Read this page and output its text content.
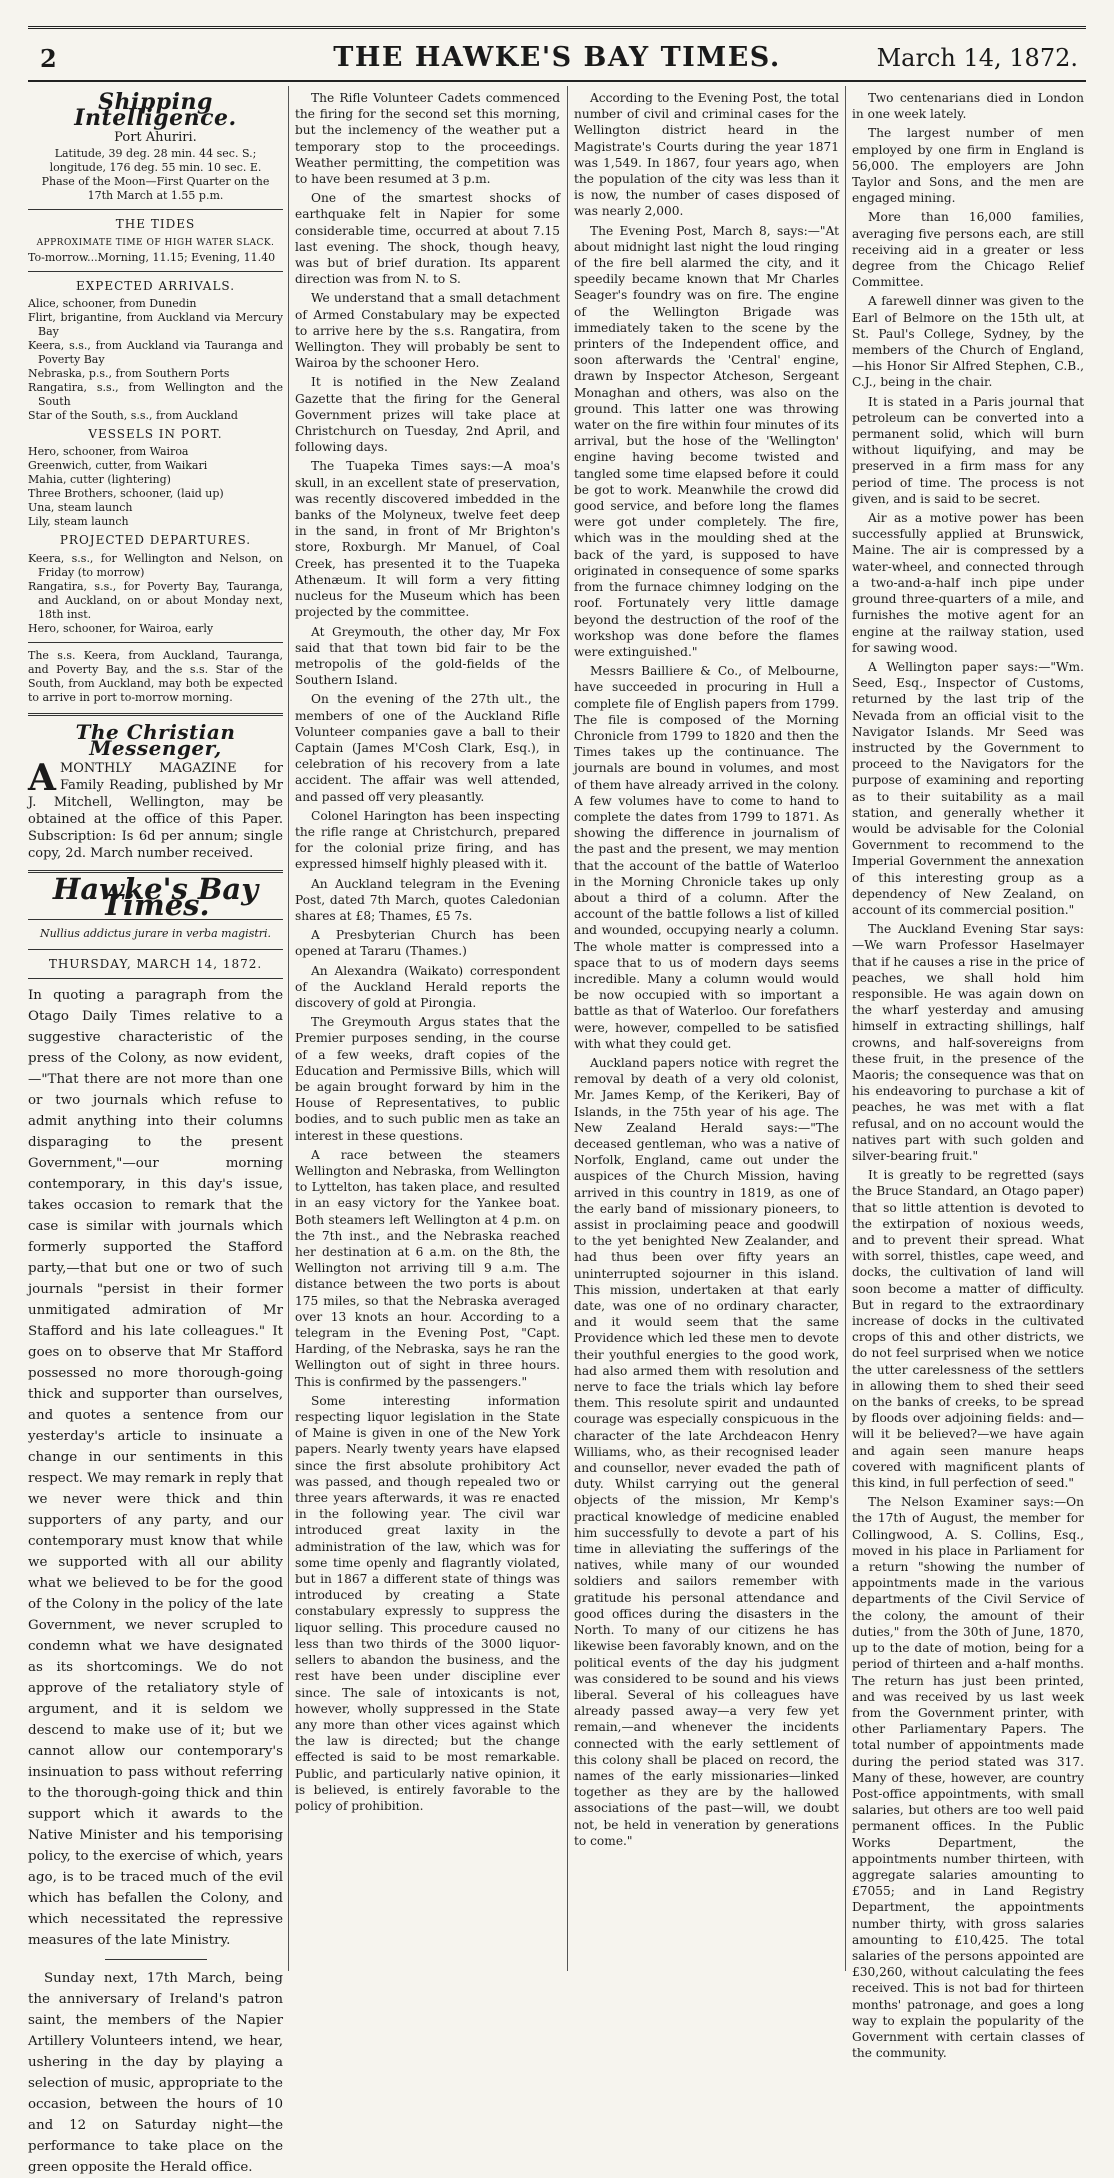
2	THE HAWKE'S BAY TIMES.	March 14, 1872.
Shipping Intelligence.
Port Ahuriri.
Latitude, 39 deg. 28 min. 44 sec. S.; longitude, 176 deg. 55 min. 10 sec. E.
Phase of the Moon—First Quarter on the 17th March at 1.55 p.m.
THE TIDES
APPROXIMATE TIME OF HIGH WATER SLACK.
To-morrow...Morning, 11.15; Evening, 11.40
EXPECTED ARRIVALS.
Alice, schooner, from Dunedin
Flirt, brigantine, from Auckland via Mercury Bay
Keera, s.s., from Auckland via Tauranga and Poverty Bay
Nebraska, p.s., from Southern Ports
Rangatira, s.s., from Wellington and the South
Star of the South, s.s., from Auckland
VESSELS IN PORT.
Hero, schooner, from Wairoa
Greenwich, cutter, from Waikari
Mahia, cutter (lightering)
Three Brothers, schooner, (laid up)
Una, steam launch
Lily, steam launch
PROJECTED DEPARTURES.
Keera, s.s., for Wellington and Nelson, on Friday (to morrow)
Rangatira, s.s., for Poverty Bay, Tauranga, and Auckland, on or about Monday next, 18th inst.
Hero, schooner, for Wairoa, early
The s.s. Keera, from Auckland, Tauranga, and Poverty Bay, and the s.s. Star of the South, from Auckland, may both be expected to arrive in port to-morrow morning.
The Christian Messenger,
A MONTHLY MAGAZINE for Family Reading, published by Mr J. Mitchell, Wellington, may be obtained at the office of this Paper. Subscription: Is 6d per annum; single copy, 2d. March number received.
Hawke's Bay Times.
Nullius addictus jurare in verba magistri.
THURSDAY, MARCH 14, 1872.

In quoting a paragraph from the Otago Daily Times relative to a suggestive characteristic of the press of the Colony, as now evident,—"That there are not more than one or two journals which refuse to admit anything into their columns disparaging to the present Government,"—our morning contemporary, in this day's issue, takes occasion to remark that the case is similar with journals which formerly supported the Stafford party,—that but one or two of such journals "persist in their former unmitigated admiration of Mr Stafford and his late colleagues." It goes on to observe that Mr Stafford possessed no more thorough-going thick and supporter than ourselves, and quotes a sentence from our yesterday's article to insinuate a change in our sentiments in this respect. We may remark in reply that we never were thick and thin supporters of any party, and our contemporary must know that while we supported with all our ability what we believed to be for the good of the Colony in the policy of the late Government, we never scrupled to condemn what we have designated as its shortcomings. We do not approve of the retaliatory style of argument, and it is seldom we descend to make use of it; but we cannot allow our contemporary's insinuation to pass without referring to the thorough-going thick and thin support which it awards to the Native Minister and his temporising policy, to the exercise of which, years ago, is to be traced much of the evil which has befallen the Colony, and which necessitated the repressive measures of the late Ministry.

Sunday next, 17th March, being the anniversary of Ireland's patron saint, the members of the Napier Artillery Volunteers intend, we hear, ushering in the day by playing a selection of music, appropriate to the occasion, between the hours of 10 and 12 on Saturday night—the performance to take place on the green opposite the Herald office.

The Rifle Volunteer Cadets commenced the firing for the second set this morning, but the inclemency of the weather put a temporary stop to the proceedings. Weather permitting, the competition was to have been resumed at 3 p.m.

One of the smartest shocks of earthquake felt in Napier for some considerable time, occurred at about 7.15 last evening. The shock, though heavy, was but of brief duration. Its apparent direction was from N. to S.

We understand that a small detachment of Armed Constabulary may be expected to arrive here by the s.s. Rangatira, from Wellington. They will probably be sent to Wairoa by the schooner Hero.

It is notified in the New Zealand Gazette that the firing for the General Government prizes will take place at Christchurch on Tuesday, 2nd April, and following days.

The Tuapeka Times says:—A moa's skull, in an excellent state of preservation, was recently discovered imbedded in the banks of the Molyneux, twelve feet deep in the sand, in front of Mr Brighton's store, Roxburgh. Mr Manuel, of Coal Creek, has presented it to the Tuapeka Athenæum. It will form a very fitting nucleus for the Museum which has been projected by the committee.

At Greymouth, the other day, Mr Fox said that that town bid fair to be the metropolis of the gold-fields of the Southern Island.

On the evening of the 27th ult., the members of one of the Auckland Rifle Volunteer companies gave a ball to their Captain (James M'Cosh Clark, Esq.), in celebration of his recovery from a late accident. The affair was well attended, and passed off very pleasantly.

Colonel Harington has been inspecting the rifle range at Christchurch, prepared for the colonial prize firing, and has expressed himself highly pleased with it.

An Auckland telegram in the Evening Post, dated 7th March, quotes Caledonian shares at £8; Thames, £5 7s.

A Presbyterian Church has been opened at Tararu (Thames.)

An Alexandra (Waikato) correspondent of the Auckland Herald reports the discovery of gold at Pirongia.

The Greymouth Argus states that the Premier purposes sending, in the course of a few weeks, draft copies of the Education and Permissive Bills, which will be again brought forward by him in the House of Representatives, to public bodies, and to such public men as take an interest in these questions.

A race between the steamers Wellington and Nebraska, from Wellington to Lyttelton, has taken place, and resulted in an easy victory for the Yankee boat. Both steamers left Wellington at 4 p.m. on the 7th inst., and the Nebraska reached her destination at 6 a.m. on the 8th, the Wellington not arriving till 9 a.m. The distance between the two ports is about 175 miles, so that the Nebraska averaged over 13 knots an hour. According to a telegram in the Evening Post, "Capt. Harding, of the Nebraska, says he ran the Wellington out of sight in three hours. This is confirmed by the passengers."

Some interesting information respecting liquor legislation in the State of Maine is given in one of the New York papers. Nearly twenty years have elapsed since the first absolute prohibitory Act was passed, and though repealed two or three years afterwards, it was re enacted in the following year. The civil war introduced great laxity in the administration of the law, which was for some time openly and flagrantly violated, but in 1867 a different state of things was introduced by creating a State constabulary expressly to suppress the liquor selling. This procedure caused no less than two thirds of the 3000 liquor-sellers to abandon the business, and the rest have been under discipline ever since. The sale of intoxicants is not, however, wholly suppressed in the State any more than other vices against which the law is directed; but the change effected is said to be most remarkable. Public, and particularly native opinion, it is believed, is entirely favorable to the policy of prohibition.

According to the Evening Post, the total number of civil and criminal cases for the Wellington district heard in the Magistrate's Courts during the year 1871 was 1,549. In 1867, four years ago, when the population of the city was less than it is now, the number of cases disposed of was nearly 2,000.

The Evening Post, March 8, says:—"At about midnight last night the loud ringing of the fire bell alarmed the city, and it speedily became known that Mr Charles Seager's foundry was on fire. The engine of the Wellington Brigade was immediately taken to the scene by the printers of the Independent office, and soon afterwards the 'Central' engine, drawn by Inspector Atcheson, Sergeant Monaghan and others, was also on the ground. This latter one was throwing water on the fire within four minutes of its arrival, but the hose of the 'Wellington' engine having become twisted and tangled some time elapsed before it could be got to work. Meanwhile the crowd did good service, and before long the flames were got under completely. The fire, which was in the moulding shed at the back of the yard, is supposed to have originated in consequence of some sparks from the furnace chimney lodging on the roof. Fortunately very little damage beyond the destruction of the roof of the workshop was done before the flames were extinguished."

Messrs Bailliere & Co., of Melbourne, have succeeded in procuring in Hull a complete file of English papers from 1799. The file is composed of the Morning Chronicle from 1799 to 1820 and then the Times takes up the continuance. The journals are bound in volumes, and most of them have already arrived in the colony. A few volumes have to come to hand to complete the dates from 1799 to 1871. As showing the difference in journalism of the past and the present, we may mention that the account of the battle of Waterloo in the Morning Chronicle takes up only about a third of a column. After the account of the battle follows a list of killed and wounded, occupying nearly a column. The whole matter is compressed into a space that to us of modern days seems incredible. Many a column would would be now occupied with so important a battle as that of Waterloo. Our forefathers were, however, compelled to be satisfied with what they could get.

Auckland papers notice with regret the removal by death of a very old colonist, Mr. James Kemp, of the Kerikeri, Bay of Islands, in the 75th year of his age. The New Zealand Herald says:—"The deceased gentleman, who was a native of Norfolk, England, came out under the auspices of the Church Mission, having arrived in this country in 1819, as one of the early band of missionary pioneers, to assist in proclaiming peace and goodwill to the yet benighted New Zealander, and had thus been over fifty years an uninterrupted sojourner in this island. This mission, undertaken at that early date, was one of no ordinary character, and it would seem that the same Providence which led these men to devote their youthful energies to the good work, had also armed them with resolution and nerve to face the trials which lay before them. This resolute spirit and undaunted courage was especially conspicuous in the character of the late Archdeacon Henry Williams, who, as their recognised leader and counsellor, never evaded the path of duty. Whilst carrying out the general objects of the mission, Mr Kemp's practical knowledge of medicine enabled him successfully to devote a part of his time in alleviating the sufferings of the natives, while many of our wounded soldiers and sailors remember with gratitude his personal attendance and good offices during the disasters in the North. To many of our citizens he has likewise been favorably known, and on the political events of the day his judgment was considered to be sound and his views liberal. Several of his colleagues have already passed away—a very few yet remain,—and whenever the incidents connected with the early settlement of this colony shall be placed on record, the names of the early missionaries—linked together as they are by the hallowed associations of the past—will, we doubt not, be held in veneration by generations to come."

Two centenarians died in London in one week lately.

The largest number of men employed by one firm in England is 56,000. The employers are John Taylor and Sons, and the men are engaged mining.

More than 16,000 families, averaging five persons each, are still receiving aid in a greater or less degree from the Chicago Relief Committee.

A farewell dinner was given to the Earl of Belmore on the 15th ult, at St. Paul's College, Sydney, by the members of the Church of England,—his Honor Sir Alfred Stephen, C.B., C.J., being in the chair.

It is stated in a Paris journal that petroleum can be converted into a permanent solid, which will burn without liquifying, and may be preserved in a firm mass for any period of time. The process is not given, and is said to be secret.

Air as a motive power has been successfully applied at Brunswick, Maine. The air is compressed by a water-wheel, and connected through a two-and-a-half inch pipe under ground three-quarters of a mile, and furnishes the motive agent for an engine at the railway station, used for sawing wood.

A Wellington paper says:—"Wm. Seed, Esq., Inspector of Customs, returned by the last trip of the Nevada from an official visit to the Navigator Islands. Mr Seed was instructed by the Government to proceed to the Navigators for the purpose of examining and reporting as to their suitability as a mail station, and generally whether it would be advisable for the Colonial Government to recommend to the Imperial Government the annexation of this interesting group as a dependency of New Zealand, on account of its commercial position."

The Auckland Evening Star says:—We warn Professor Haselmayer that if he causes a rise in the price of peaches, we shall hold him responsible. He was again down on the wharf yesterday and amusing himself in extracting shillings, half crowns, and half-sovereigns from these fruit, in the presence of the Maoris; the consequence was that on his endeavoring to purchase a kit of peaches, he was met with a flat refusal, and on no account would the natives part with such golden and silver-bearing fruit."

It is greatly to be regretted (says the Bruce Standard, an Otago paper) that so little attention is devoted to the extirpation of noxious weeds, and to prevent their spread. What with sorrel, thistles, cape weed, and docks, the cultivation of land will soon become a matter of difficulty. But in regard to the extraordinary increase of docks in the cultivated crops of this and other districts, we do not feel surprised when we notice the utter carelessness of the settlers in allowing them to shed their seed on the banks of creeks, to be spread by floods over adjoining fields: and—will it be believed?—we have again and again seen manure heaps covered with magnificent plants of this kind, in full perfection of seed."

The Nelson Examiner says:—On the 17th of August, the member for Collingwood, A. S. Collins, Esq., moved in his place in Parliament for a return "showing the number of appointments made in the various departments of the Civil Service of the colony, the amount of their duties," from the 30th of June, 1870, up to the date of motion, being for a period of thirteen and a-half months. The return has just been printed, and was received by us last week from the Government printer, with other Parliamentary Papers. The total number of appointments made during the period stated was 317. Many of these, however, are country Post-office appointments, with small salaries, but others are too well paid permanent offices. In the Public Works Department, the appointments number thirteen, with aggregate salaries amounting to £7055; and in Land Registry Department, the appointments number thirty, with gross salaries amounting to £10,425. The total salaries of the persons appointed are £30,260, without calculating the fees received. This is not bad for thirteen months' patronage, and goes a long way to explain the popularity of the Government with certain classes of the community.
